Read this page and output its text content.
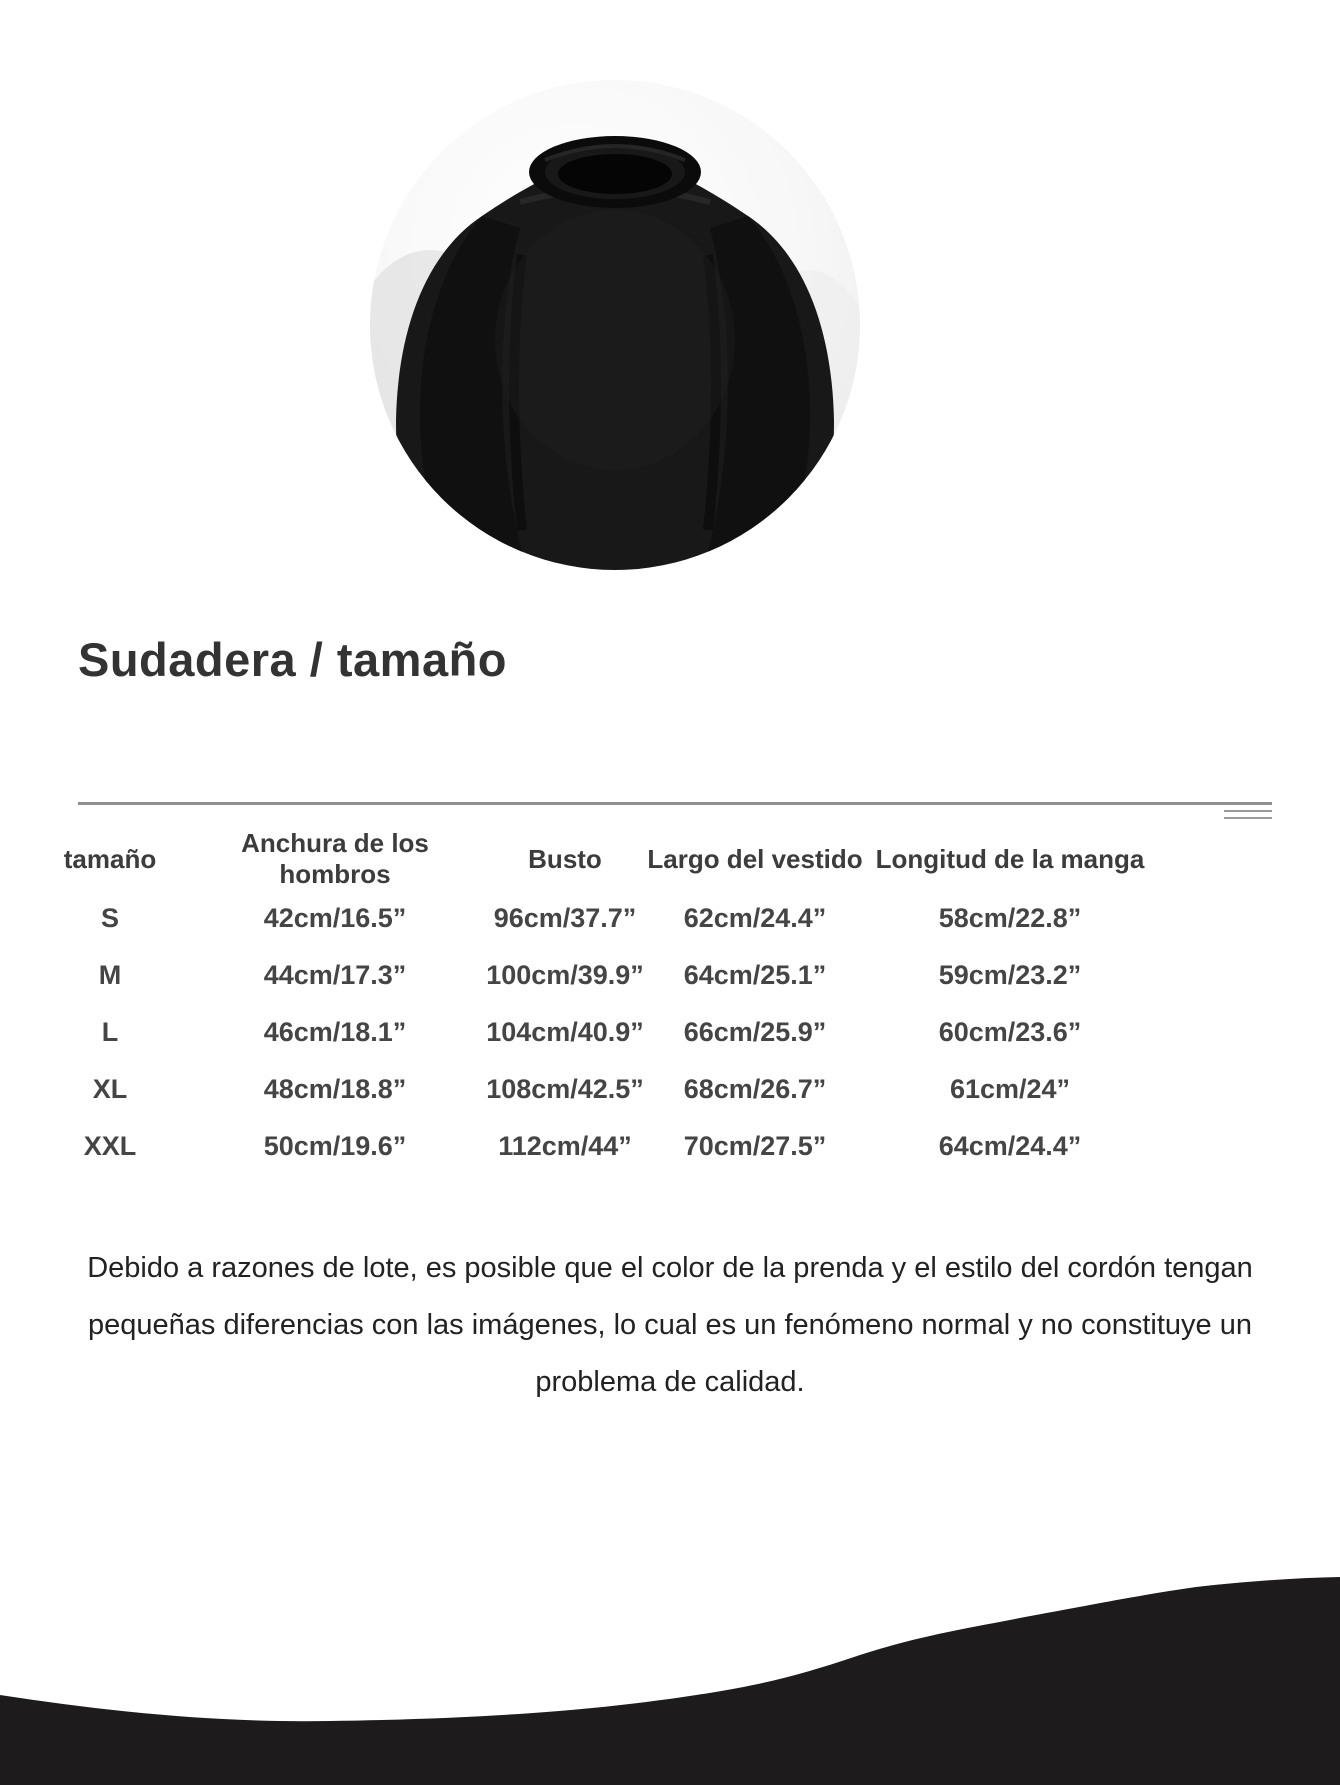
Sudadera / tamaño
tamaño	Anchura de los hombros	Busto	Largo del vestido	Longitud de la manga
S	42cm/16.5”	96cm/37.7”	62cm/24.4”	58cm/22.8”
M	44cm/17.3”	100cm/39.9”	64cm/25.1”	59cm/23.2”
L	46cm/18.1”	104cm/40.9”	66cm/25.9”	60cm/23.6”
XL	48cm/18.8”	108cm/42.5”	68cm/26.7”	61cm/24”
XXL	50cm/19.6”	112cm/44”	70cm/27.5”	64cm/24.4”
Debido a razones de lote, es posible que el color de la prenda y el estilo del cordón tengan pequeñas diferencias con las imágenes, lo cual es un fenómeno normal y no constituye un problema de calidad.
